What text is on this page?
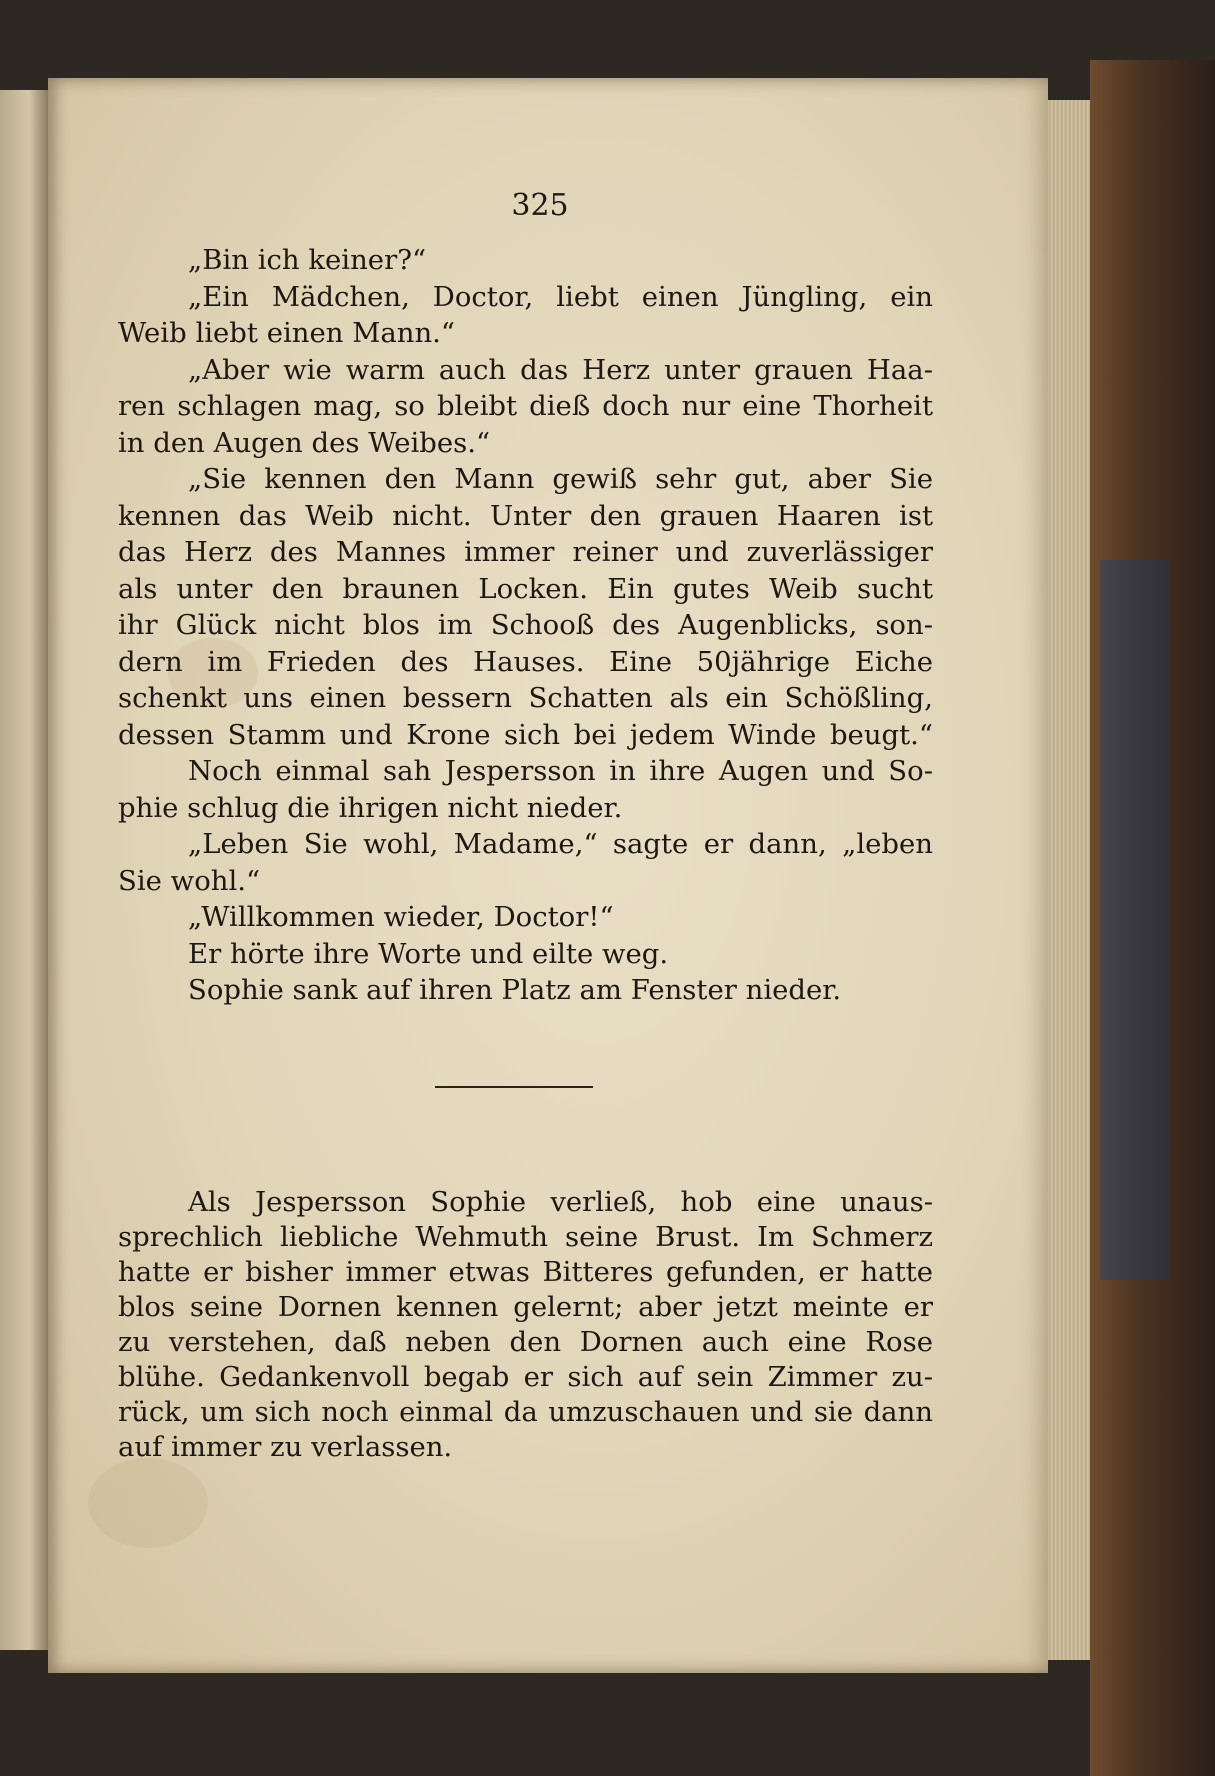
325
„Bin ich keiner?“
„Ein Mädchen, Doctor, liebt einen Jüngling, ein
Weib liebt einen Mann.“
„Aber wie warm auch das Herz unter grauen Haa-
ren schlagen mag, so bleibt dieß doch nur eine Thorheit
in den Augen des Weibes.“
„Sie kennen den Mann gewiß sehr gut, aber Sie
kennen das Weib nicht. Unter den grauen Haaren ist
das Herz des Mannes immer reiner und zuverlässiger
als unter den braunen Locken. Ein gutes Weib sucht
ihr Glück nicht blos im Schooß des Augenblicks, son-
dern im Frieden des Hauses. Eine 50jährige Eiche
schenkt uns einen bessern Schatten als ein Schößling,
dessen Stamm und Krone sich bei jedem Winde beugt.“
Noch einmal sah Jespersson in ihre Augen und So-
phie schlug die ihrigen nicht nieder.
„Leben Sie wohl, Madame,“ sagte er dann, „leben
Sie wohl.“
„Willkommen wieder, Doctor!“
Er hörte ihre Worte und eilte weg.
Sophie sank auf ihren Platz am Fenster nieder.
Als Jespersson Sophie verließ, hob eine unaus-
sprechlich liebliche Wehmuth seine Brust. Im Schmerz
hatte er bisher immer etwas Bitteres gefunden, er hatte
blos seine Dornen kennen gelernt; aber jetzt meinte er
zu verstehen, daß neben den Dornen auch eine Rose
blühe. Gedankenvoll begab er sich auf sein Zimmer zu-
rück, um sich noch einmal da umzuschauen und sie dann
auf immer zu verlassen.
